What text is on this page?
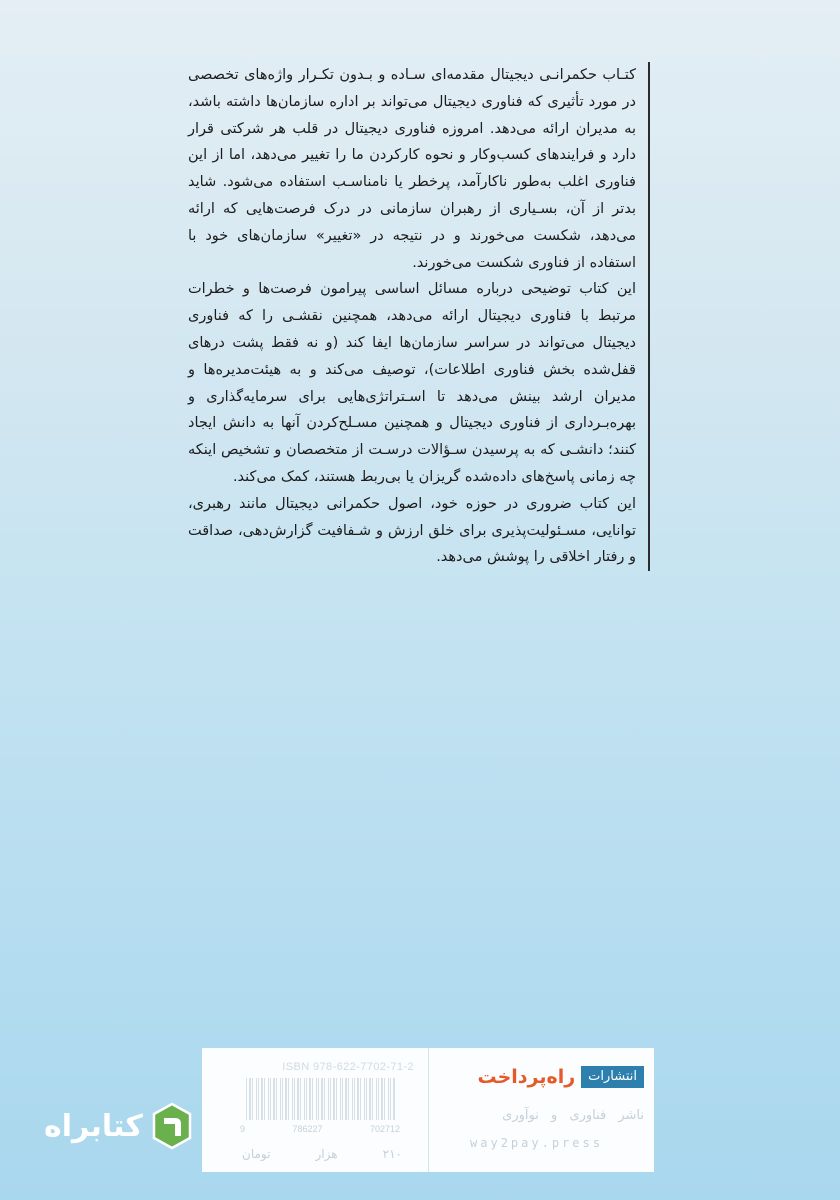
کتـاب حکمرانـی دیجیتال مقدمه‌ای سـاده و بـدون تکـرار واژه‌های تخصصی در مورد تأثیری که فناوری دیجیتال می‌تواند بر اداره سازمان‌ها داشته باشد، به مدیران ارائه می‌دهد. امروزه فناوری دیجیتال در قلب هر شرکتی قرار دارد و فرایندهای کسب‌وکار و نحوه کارکردن ما را تغییر می‌دهد، اما از این فناوری اغلب به‌طور ناکارآمد، پرخطر یا نامناسـب استفاده می‌شود. شاید بدتر از آن، بسـیاری از رهبران سازمانی در درک فرصت‌هایی که ارائه می‌دهد، شکست می‌خورند و در نتیجه در «تغییر» سازمان‌های خود با استفاده از فناوری شکست می‌خورند.

این کتاب توضیحی درباره مسائل اساسی پیرامون فرصت‌ها و خطرات مرتبط با فناوری دیجیتال ارائه می‌دهد، همچنین نقشـی را که فناوری دیجیتال می‌تواند در سراسر سازمان‌ها ایفا کند (و نه فقط پشت درهای قفل‌شده بخش فناوری اطلاعات)، توصیف می‌کند و به هیئت‌مدیره‌ها و مدیران ارشد بینش می‌دهد تا اسـتراتژی‌هایی برای سرمایه‌گذاری و بهره‌بـرداری از فناوری دیجیتال و همچنین مسـلح‌کردن آنها به دانش ایجاد کنند؛ دانشـی که به پرسیدن سـؤالات درسـت از متخصصان و تشخیص اینکه چه زمانی پاسخ‌های داده‌شده گریزان یا بی‌ربط هستند، کمک می‌کند.

این کتاب ضروری در حوزه خود، اصول حکمرانی دیجیتال مانند رهبری، توانایی، مسـئولیت‌پذیری برای خلق ارزش و شـفافیت گزارش‌دهی، صداقت و رفتار اخلاقی را پوشش می‌دهد.

ISBN 978-622-7702-71-2
9	786227	702712
۲۱۰
هزار
تومان
انتشارات
راه‌پرداخت
ناشر فناوری و نوآوری
way2pay.press
کتابراه
